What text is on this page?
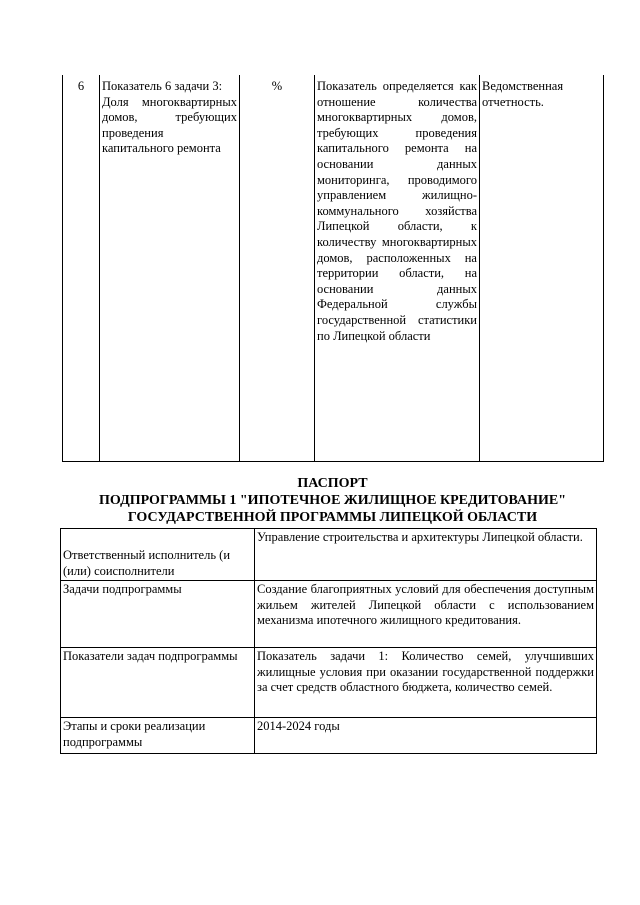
6	Показатель 6 задачи 3:
Доля многоквартирных домов, требующих проведения капитального ремонта	%	Показатель определяется как отношение количества многоквартирных домов, требующих проведения капитального ремонта на основании данных мониторинга, проводимого управлением жилищно-коммунального хозяйства Липецкой области, к количеству многоквартирных домов, расположенных на территории области, на основании данных Федеральной службы государственной статистики по Липецкой области	Ведомственная отчетность.
ПАСПОРТ
ПОДПРОГРАММЫ 1 "ИПОТЕЧНОЕ ЖИЛИЩНОЕ КРЕДИТОВАНИЕ"
ГОСУДАРСТВЕННОЙ ПРОГРАММЫ ЛИПЕЦКОЙ ОБЛАСТИ
Ответственный исполнитель (и (или) соисполнители	Управление строительства и архитектуры Липецкой области.
Задачи подпрограммы	Создание благоприятных условий для обеспечения доступным жильем жителей Липецкой области с использованием механизма ипотечного жилищного кредитования.
Показатели задач подпрограммы	Показатель задачи 1: Количество семей, улучшивших жилищные условия при оказании государственной поддержки за счет средств областного бюджета, количество семей.
Этапы и сроки реализации подпрограммы	2014-2024 годы
